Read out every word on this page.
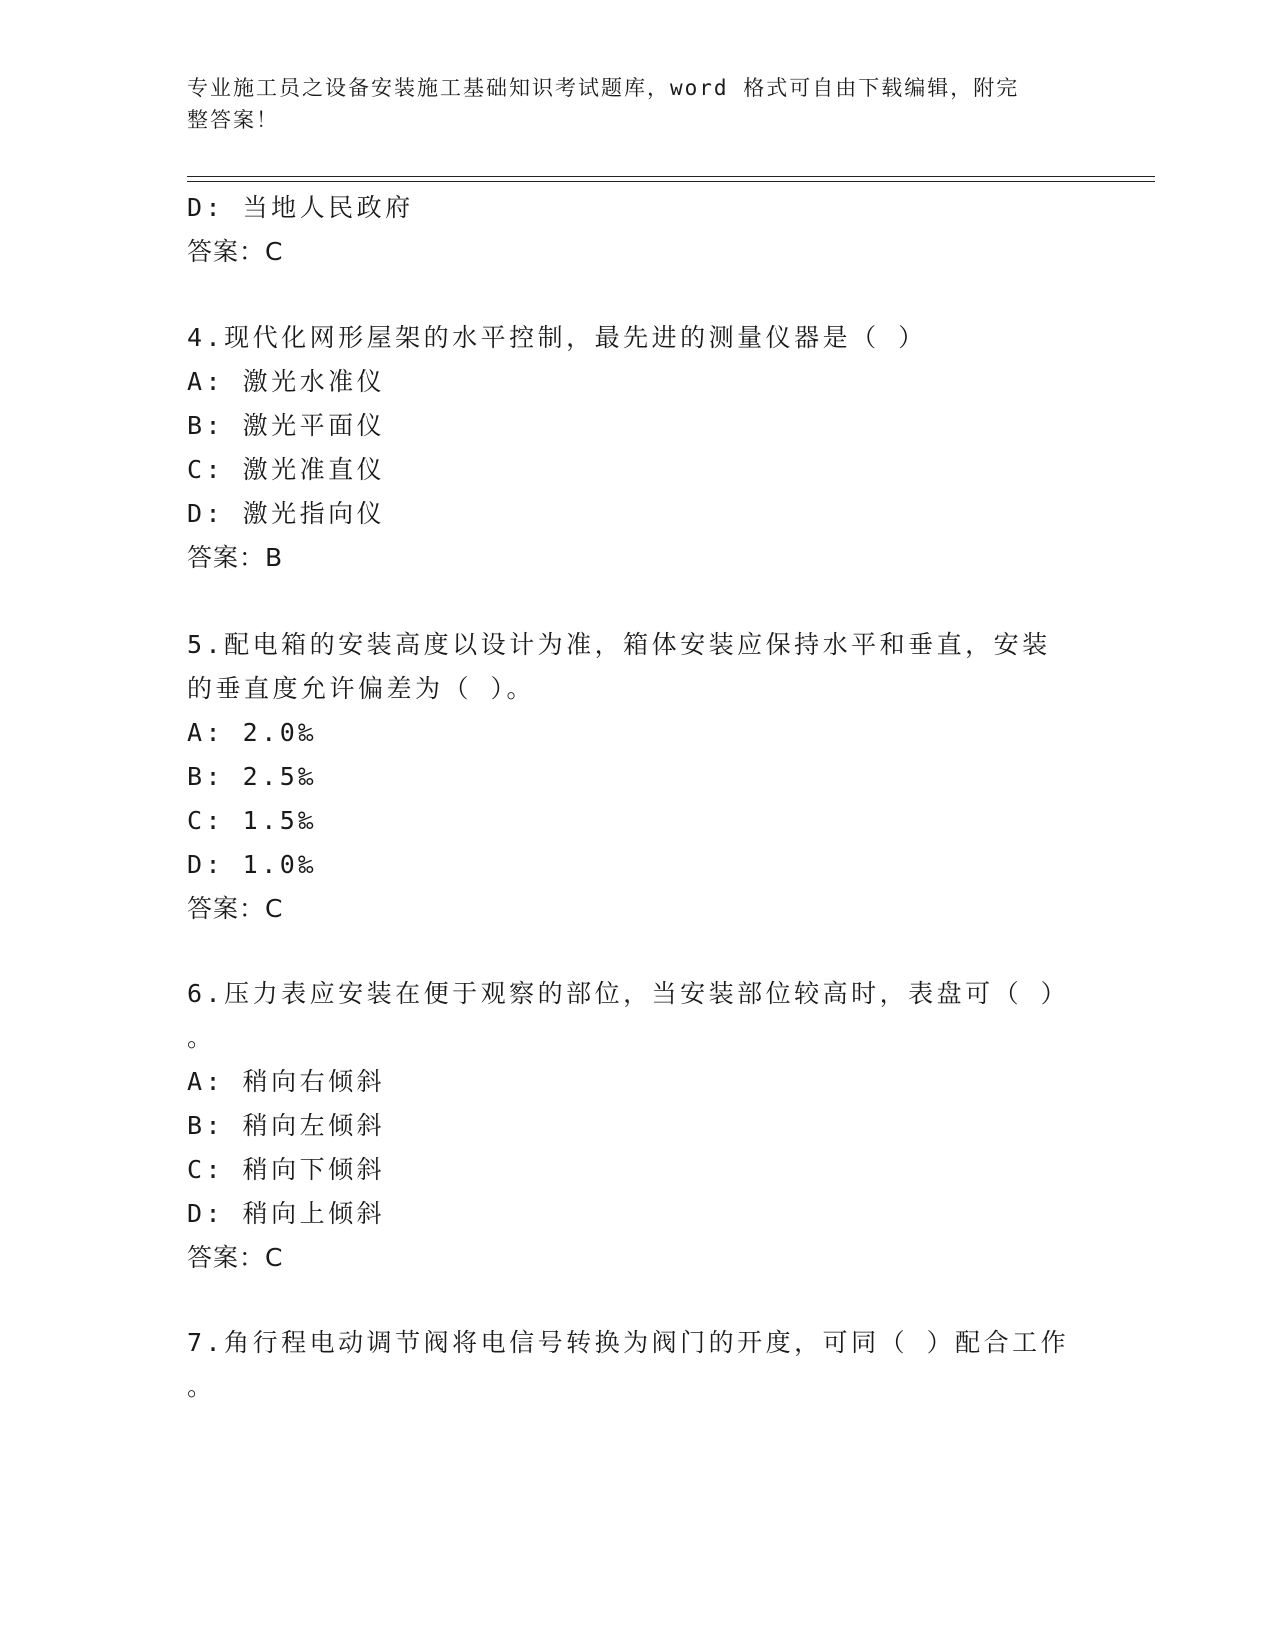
专业施工员之设备安装施工基础知识考试题库，word 格式可自由下载编辑，附完
整答案！
D: 当地人民政府
答案：C
4.现代化网形屋架的水平控制，最先进的测量仪器是（ ）
A: 激光水准仪
B: 激光平面仪
C: 激光准直仪
D: 激光指向仪
答案：B
5.配电箱的安装高度以设计为准，箱体安装应保持水平和垂直，安装
的垂直度允许偏差为（ ）。
A: 2.0‰
B: 2.5‰
C: 1.5‰
D: 1.0‰
答案：C
6.压力表应安装在便于观察的部位，当安装部位较高时，表盘可（ ）
。
A: 稍向右倾斜
B: 稍向左倾斜
C: 稍向下倾斜
D: 稍向上倾斜
答案：C
7.角行程电动调节阀将电信号转换为阀门的开度，可同（ ）配合工作
。
